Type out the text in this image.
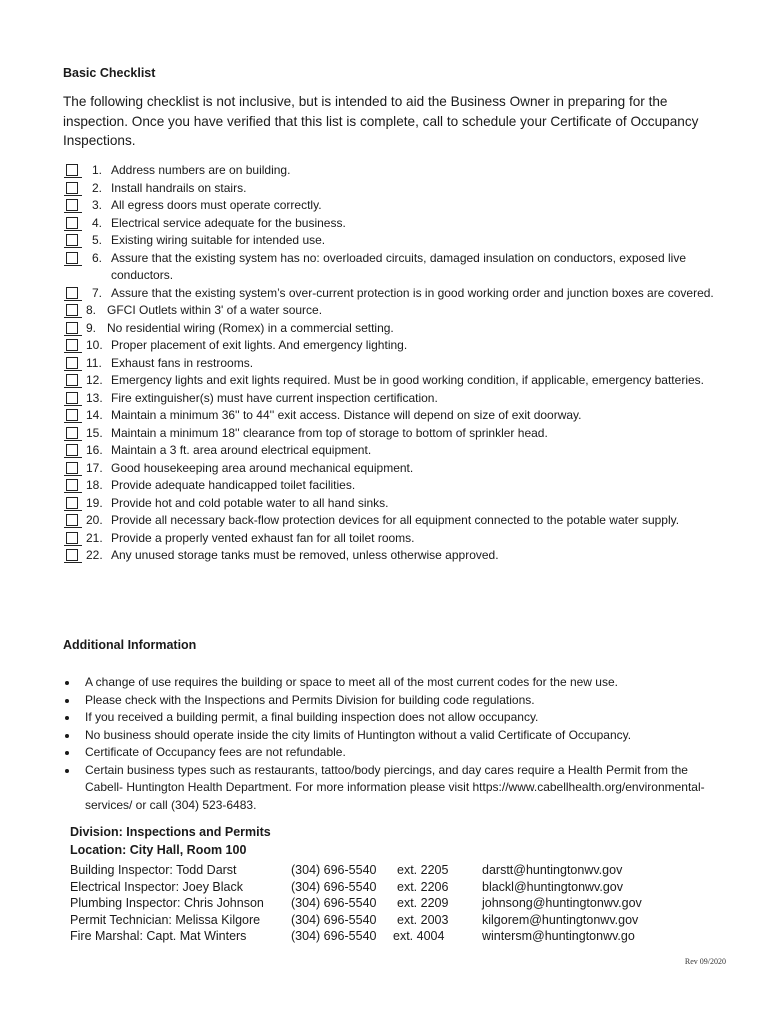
Basic Checklist
The following checklist is not inclusive, but is intended to aid the Business Owner in preparing for the inspection. Once you have verified that this list is complete, call to schedule your Certificate of Occupancy Inspections.
1. Address numbers are on building.
2. Install handrails on stairs.
3. All egress doors must operate correctly.
4. Electrical service adequate for the business.
5. Existing wiring suitable for intended use.
6. Assure that the existing system has no: overloaded circuits, damaged insulation on conductors, exposed live conductors.
7. Assure that the existing system’s over-current protection is in good working order and junction boxes are covered.
8. GFCI Outlets within 3' of a water source.
9. No residential wiring (Romex) in a commercial setting.
10. Proper placement of exit lights. And emergency lighting.
11. Exhaust fans in restrooms.
12. Emergency lights and exit lights required. Must be in good working condition, if applicable, emergency batteries.
13. Fire extinguisher(s) must have current inspection certification.
14. Maintain a minimum 36'' to 44'' exit access. Distance will depend on size of exit doorway.
15. Maintain a minimum 18'' clearance from top of storage to bottom of sprinkler head.
16. Maintain a 3 ft. area around electrical equipment.
17. Good housekeeping area around mechanical equipment.
18. Provide adequate handicapped toilet facilities.
19. Provide hot and cold potable water to all hand sinks.
20. Provide all necessary back-flow protection devices for all equipment connected to the potable water supply.
21. Provide a properly vented exhaust fan for all toilet rooms.
22. Any unused storage tanks must be removed, unless otherwise approved.
Additional Information
A change of use requires the building or space to meet all of the most current codes for the new use.
Please check with the Inspections and Permits Division for building code regulations.
If you received a building permit, a final building inspection does not allow occupancy.
No business should operate inside the city limits of Huntington without a valid Certificate of Occupancy.
Certificate of Occupancy fees are not refundable.
Certain business types such as restaurants, tattoo/body piercings, and day cares require a Health Permit from the Cabell- Huntington Health Department. For more information please visit https://www.cabellhealth.org/environmental-services/ or call (304) 523-6483.
Division: Inspections and Permits
Location: City Hall, Room 100
Building Inspector: Todd Darst	(304) 696-5540 ext. 2205	darstt@huntingtonwv.gov
Electrical Inspector: Joey Black	(304) 696-5540 ext. 2206	blackl@huntingtonwv.gov
Plumbing Inspector: Chris Johnson (304) 696-5540 ext. 2209	johnsong@huntingtonwv.gov
Permit Technician: Melissa Kilgore (304) 696-5540 ext. 2003	kilgorem@huntingtonwv.gov
Fire Marshal: Capt. Mat Winters	(304) 696-5540 ext. 4004	wintersm@huntingtonwv.go
Rev 09/2020
